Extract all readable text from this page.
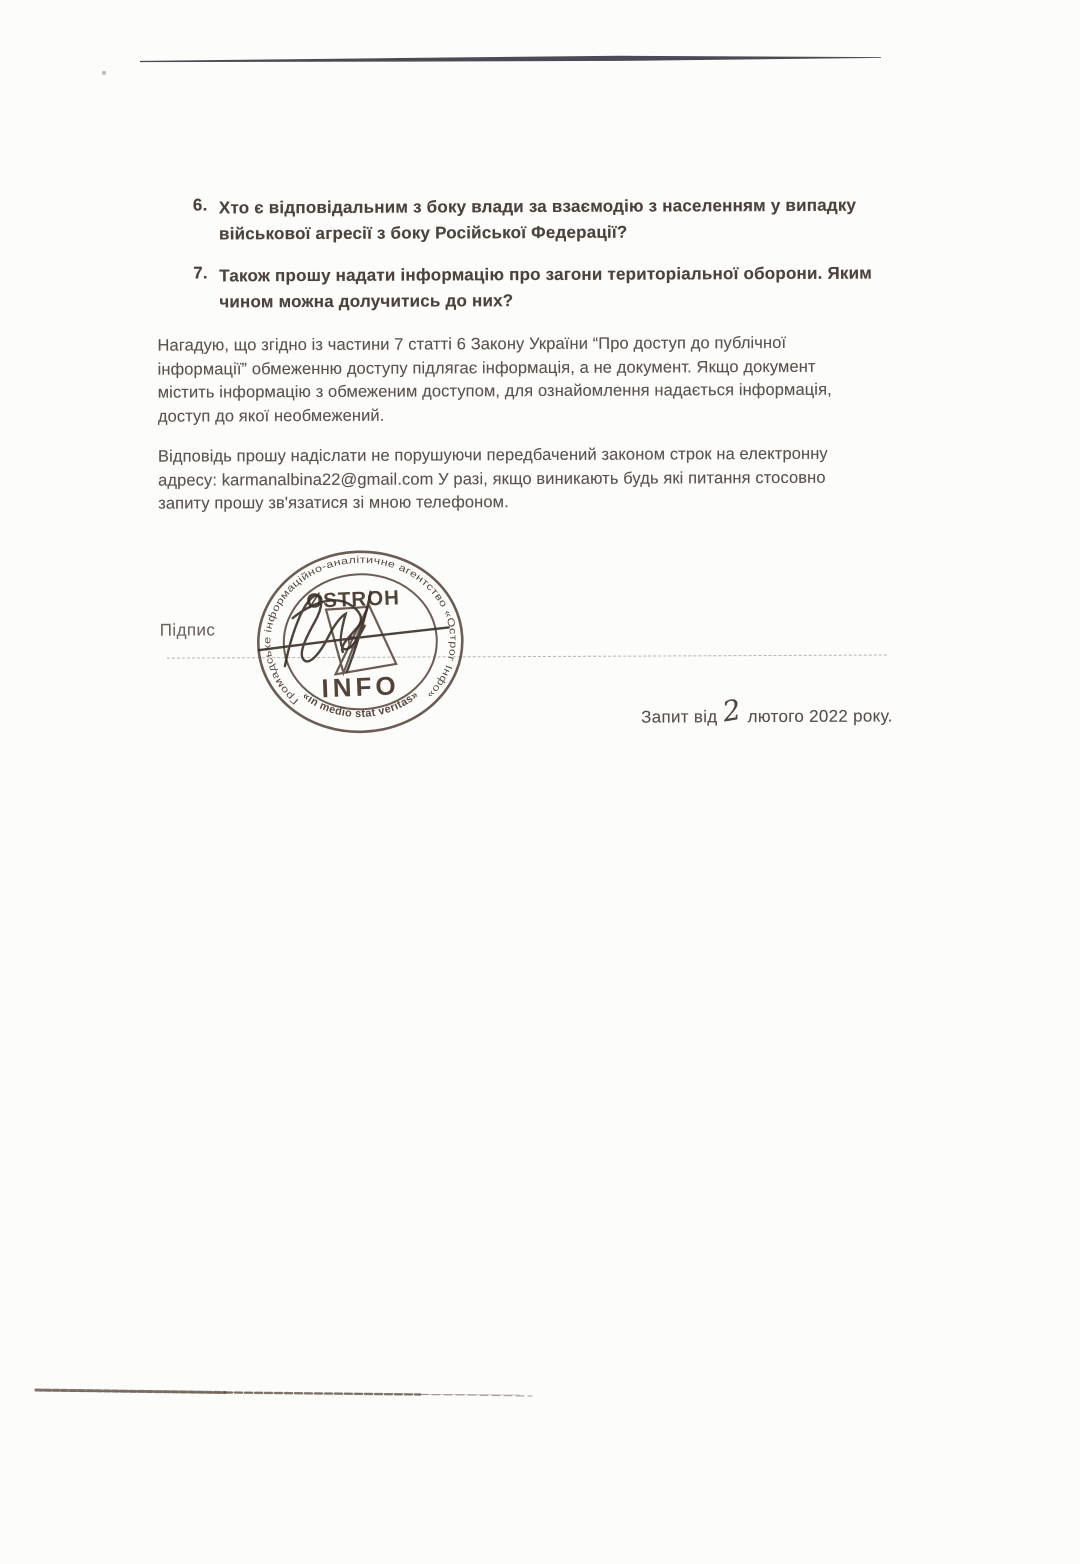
6. Хто є відповідальним з боку влади за взаємодію з населенням у випадку
військової агресії з боку Російської Федерації?
7. Також прошу надати інформацію про загони територіальної оборони. Яким
чином можна долучитись до них?
Нагадую, що згідно із частини 7 статті 6 Закону України “Про доступ до публічної
інформації” обмеженню доступу підлягає інформація, а не документ. Якщо документ
містить інформацію з обмеженим доступом, для ознайомлення надається інформація,
доступ до якої необмежений.
Відповідь прошу надіслати не порушуючи передбачений законом строк на електронну
адресу: karmanalbina22@gmail.com У разі, якщо виникають будь які питання стосовно
запиту прошу зв'язатися зі мною телефоном.
Підпис
Громадське інформаційно-аналітичне агентство «Острог Інфо»
«in medio stat veritas»
ØSTROH
INFO
Запит від 2 лютого 2022 року.
